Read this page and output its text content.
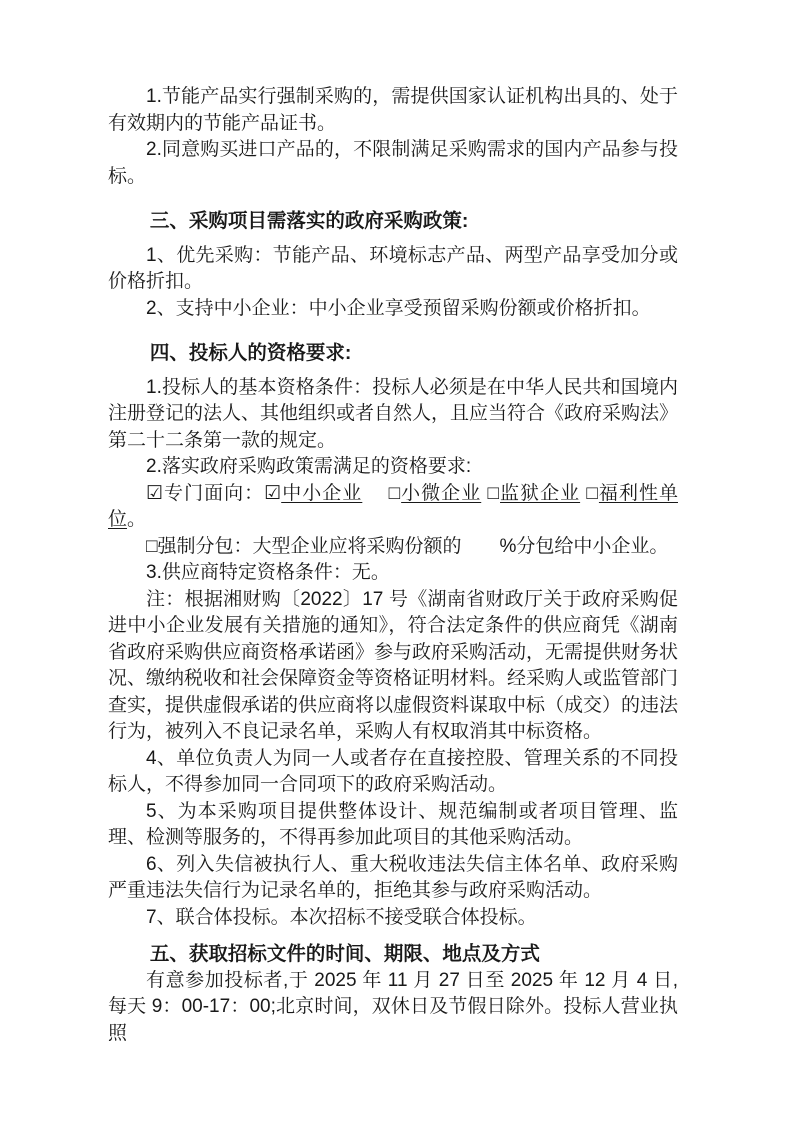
1.节能产品实行强制采购的，需提供国家认证机构出具的、处于有效期内的节能产品证书。

2.同意购买进口产品的，不限制满足采购需求的国内产品参与投标。

三、采购项目需落实的政府采购政策:

1、优先采购：节能产品、环境标志产品、两型产品享受加分或价格折扣。

2、支持中小企业：中小企业享受预留采购份额或价格折扣。

四、投标人的资格要求:

1.投标人的基本资格条件：投标人必须是在中华人民共和国境内注册登记的法人、其他组织或者自然人，且应当符合《政府采购法》第二十二条第一款的规定。

2.落实政府采购政策需满足的资格要求:

☑专门面向：☑中小企业　 □小微企业 □监狱企业 □福利性单位。

□强制分包：大型企业应将采购份额的　　%分包给中小企业。

3.供应商特定资格条件：无。

注：根据湘财购〔2022〕17 号《湖南省财政厅关于政府采购促进中小企业发展有关措施的通知》，符合法定条件的供应商凭《湖南省政府采购供应商资格承诺函》参与政府采购活动，无需提供财务状况、缴纳税收和社会保障资金等资格证明材料。经采购人或监管部门查实，提供虚假承诺的供应商将以虚假资料谋取中标（成交）的违法行为，被列入不良记录名单，采购人有权取消其中标资格。

4、单位负责人为同一人或者存在直接控股、管理关系的不同投标人，不得参加同一合同项下的政府采购活动。

5、为本采购项目提供整体设计、规范编制或者项目管理、监理、检测等服务的，不得再参加此项目的其他采购活动。

6、列入失信被执行人、重大税收违法失信主体名单、政府采购严重违法失信行为记录名单的，拒绝其参与政府采购活动。

7、联合体投标。本次招标不接受联合体投标。

五、获取招标文件的时间、期限、地点及方式

有意参加投标者,于 2025 年 11 月 27 日至 2025 年 12 月 4 日, 每天 9：00-17：00;北京时间，双休日及节假日除外。投标人营业执照
